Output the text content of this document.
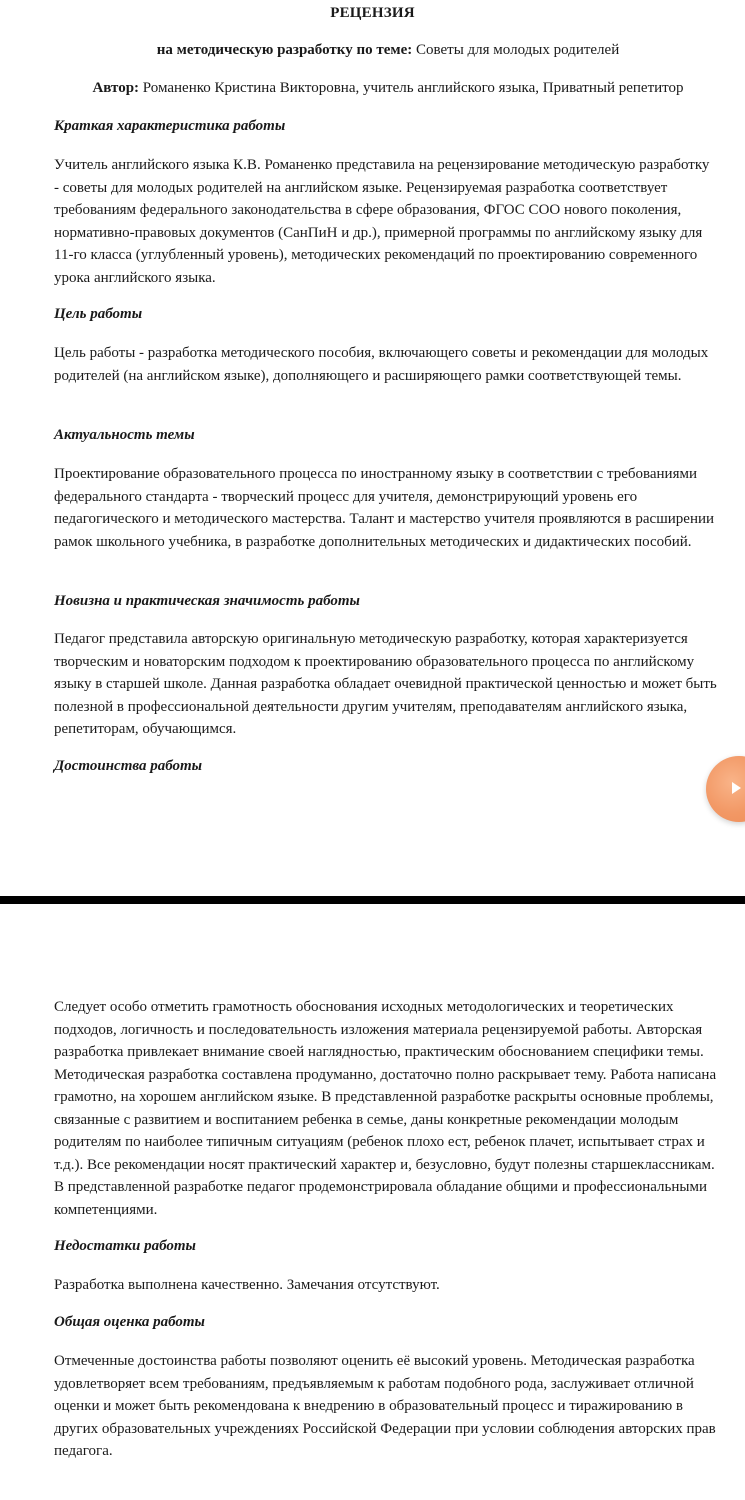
РЕЦЕНЗИЯ
на методическую разработку по теме: Советы для молодых родителей
Автор: Романенко Кристина Викторовна, учитель английского языка, Приватный репетитор
Краткая характеристика работы

Учитель английского языка К.В. Романенко представила на рецензирование методическую разработку - советы для молодых родителей на английском языке. Рецензируемая разработка соответствует требованиям федерального законодательства в сфере образования, ФГОС СОО нового поколения, нормативно-правовых документов (СанПиН и др.), примерной программы по английскому языку для 11-го класса (углубленный уровень), методических рекомендаций по проектированию современного урока английского языка.

Цель работы

Цель работы - разработка методического пособия, включающего советы и рекомендации для молодых родителей (на английском языке), дополняющего и расширяющего рамки соответствующей темы.

Актуальность темы

Проектирование образовательного процесса по иностранному языку в соответствии с требованиями федерального стандарта - творческий процесс для учителя, демонстрирующий уровень его педагогического и методического мастерства. Талант и мастерство учителя проявляются в расширении рамок школьного учебника, в разработке дополнительных методических и дидактических пособий.

Новизна и практическая значимость работы

Педагог представила авторскую оригинальную методическую разработку, которая характеризуется творческим и новаторским подходом к проектированию образовательного процесса по английскому языку в старшей школе. Данная разработка обладает очевидной практической ценностью и может быть полезной в профессиональной деятельности другим учителям, преподавателям английского языка, репетиторам, обучающимся.

Достоинства работы

Следует особо отметить грамотность обоснования исходных методологических и теоретических подходов, логичность и последовательность изложения материала рецензируемой работы. Авторская разработка привлекает внимание своей наглядностью, практическим обоснованием специфики темы. Методическая разработка составлена продуманно, достаточно полно раскрывает тему. Работа написана грамотно, на хорошем английском языке. В представленной разработке раскрыты основные проблемы, связанные с развитием и воспитанием ребенка в семье, даны конкретные рекомендации молодым родителям по наиболее типичным ситуациям (ребенок плохо ест, ребенок плачет, испытывает страх и т.д.). Все рекомендации носят практический характер и, безусловно, будут полезны старшеклассникам. В представленной разработке педагог продемонстрировала обладание общими и профессиональными компетенциями.

Недостатки работы

Разработка выполнена качественно. Замечания отсутствуют.

Общая оценка работы

Отмеченные достоинства работы позволяют оценить её высокий уровень. Методическая разработка удовлетворяет всем требованиям, предъявляемым к работам подобного рода, заслуживает отличной оценки и может быть рекомендована к внедрению в образовательный процесс и тиражированию в других образовательных учреждениях Российской Федерации при условии соблюдения авторских прав педагога.
